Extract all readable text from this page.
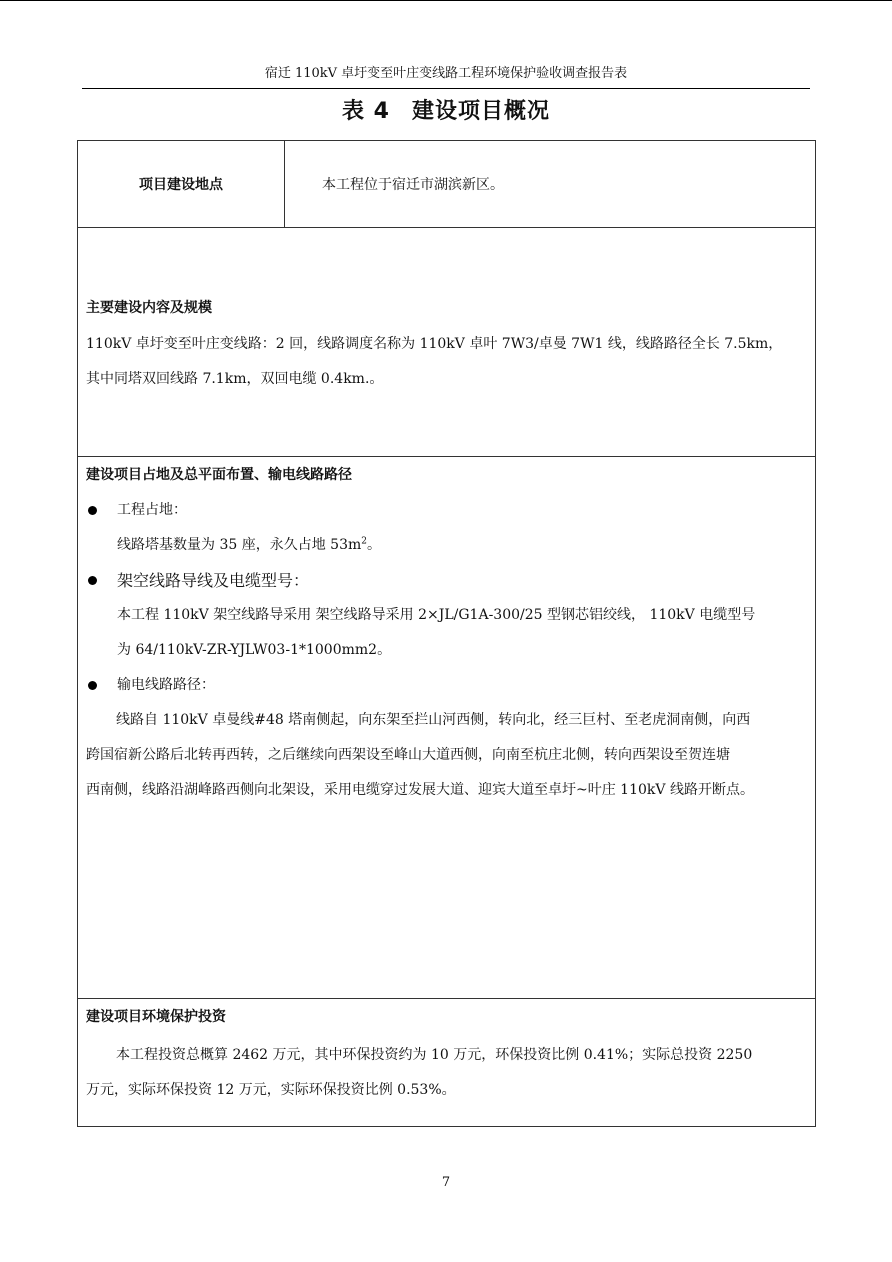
宿迁 110kV 卓圩变至叶庄变线路工程环境保护验收调查报告表
表 4 建设项目概况
项目建设地点	本工程位于宿迁市湖滨新区。
主要建设内容及规模

110kV 卓圩变至叶庄变线路：2 回，线路调度名称为 110kV 卓叶 7W3/卓曼 7W1 线，线路路径全长 7.5km，

其中同塔双回线路 7.1km，双回电缆 0.4km.。

建设项目占地及总平面布置、输电线路路径
工程占地：

线路塔基数量为 35 座，永久占地 $53m^2$。

架空线路导线及电缆型号：

本工程 110kV 架空线路导采用 架空线路导采用 2×JL/G1A-300/25 型钢芯铝绞线， 110kV 电缆型号

为 64/110kV-ZR-YJLW03-1*1000mm2。

输电线路路径：

线路自 110kV 卓曼线#48 塔南侧起，向东架至拦山河西侧，转向北，经三巨村、至老虎洞南侧，向西

跨国宿新公路后北转再西转，之后继续向西架设至峰山大道西侧，向南至杭庄北侧，转向西架设至贺连塘

西南侧，线路沿湖峰路西侧向北架设，采用电缆穿过发展大道、迎宾大道至卓圩~叶庄 110kV 线路开断点。

建设项目环境保护投资

本工程投资总概算 2462 万元，其中环保投资约为 10 万元，环保投资比例 0.41%；实际总投资 2250

万元，实际环保投资 12 万元，实际环保投资比例 0.53%。

7
